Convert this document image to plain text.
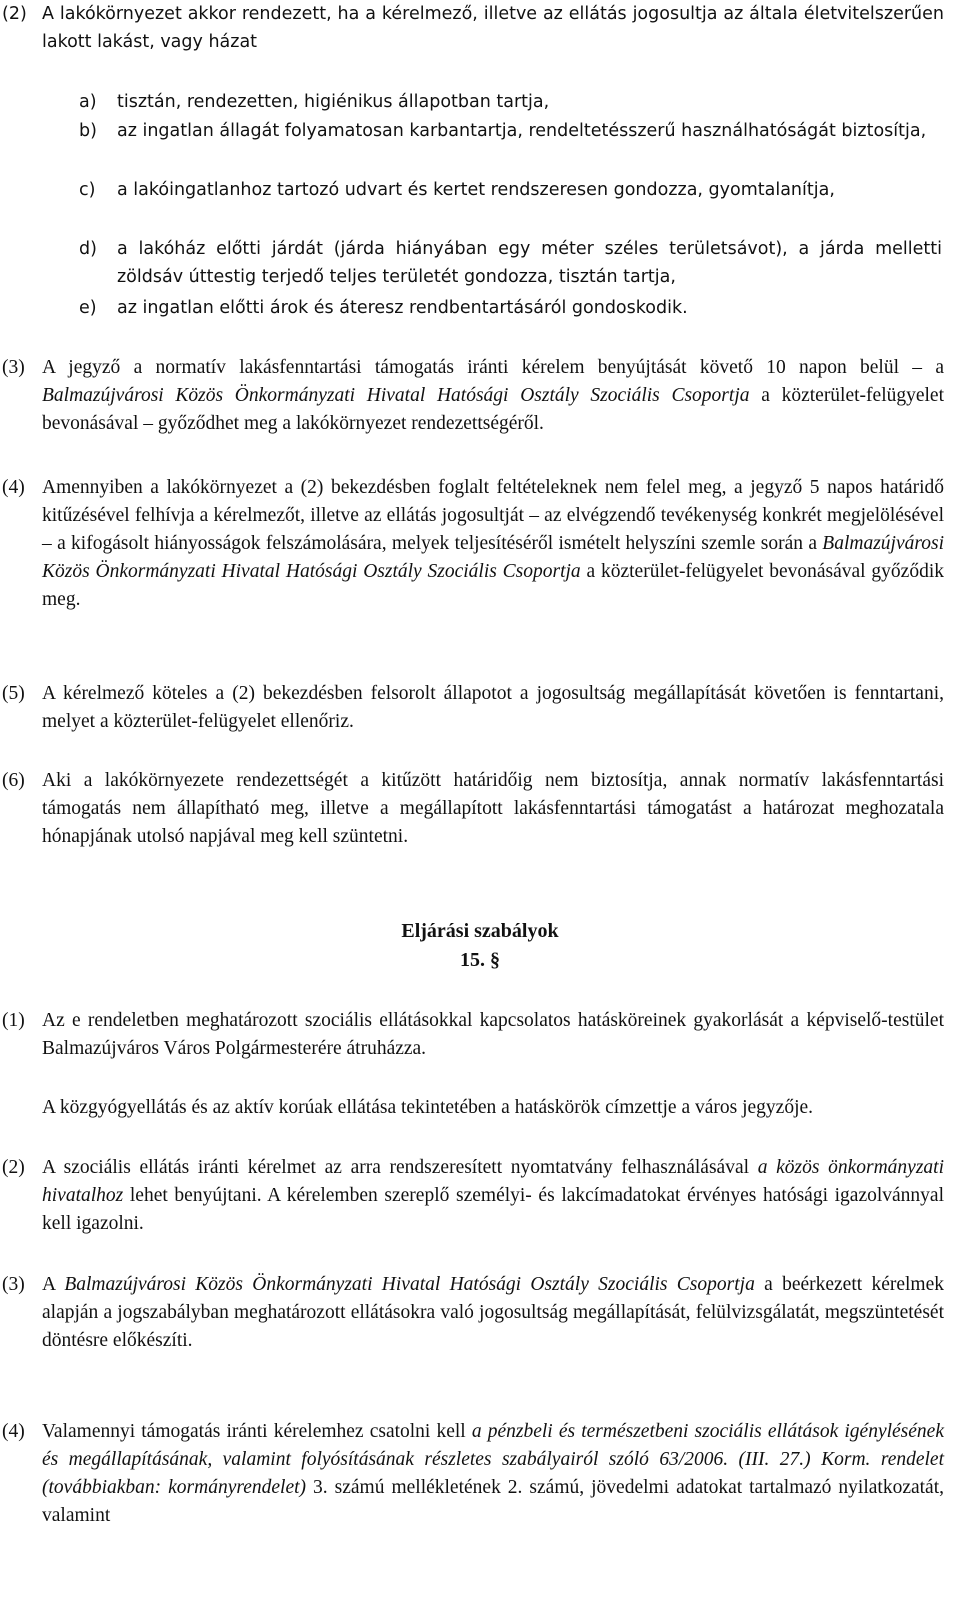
(2) A lakókörnyezet akkor rendezett, ha a kérelmező, illetve az ellátás jogosultja az általa életvitelszerűen lakott lakást, vagy házat
a) tisztán, rendezetten, higiénikus állapotban tartja,
b) az ingatlan állagát folyamatosan karbantartja, rendeltetésszerű használhatóságát biztosítja,
c) a lakóingatlanhoz tartozó udvart és kertet rendszeresen gondozza, gyomtalanítja,
d) a lakóház előtti járdát (járda hiányában egy méter széles területsávot), a járda melletti zöldsáv úttestig terjedő teljes területét gondozza, tisztán tartja,
e) az ingatlan előtti árok és áteresz rendbentartásáról gondoskodik.
(3) A jegyző a normatív lakásfenntartási támogatás iránti kérelem benyújtását követő 10 napon belül – a Balmazújvárosi Közös Önkormányzati Hivatal Hatósági Osztály Szociális Csoportja a közterület-felügyelet bevonásával – győződhet meg a lakókörnyezet rendezettségéről.
(4) Amennyiben a lakókörnyezet a (2) bekezdésben foglalt feltételeknek nem felel meg, a jegyző 5 napos határidő kitűzésével felhívja a kérelmezőt, illetve az ellátás jogosultját – az elvégzendő tevékenység konkrét megjelölésével – a kifogásolt hiányosságok felszámolására, melyek teljesítéséről ismételt helyszíni szemle során a Balmazújvárosi Közös Önkormányzati Hivatal Hatósági Osztály Szociális Csoportja a közterület-felügyelet bevonásával győződik meg.
(5) A kérelmező köteles a (2) bekezdésben felsorolt állapotot a jogosultság megállapítását követően is fenntartani, melyet a közterület-felügyelet ellenőriz.
(6) Aki a lakókörnyezete rendezettségét a kitűzött határidőig nem biztosítja, annak normatív lakásfenntartási támogatás nem állapítható meg, illetve a megállapított lakásfenntartási támogatást a határozat meghozatala hónapjának utolsó napjával meg kell szüntetni.
Eljárási szabályok
15. §
(1) Az e rendeletben meghatározott szociális ellátásokkal kapcsolatos hatásköreinek gyakorlását a képviselő-testület Balmazújváros Város Polgármesterére átruházza.
A közgyógyellátás és az aktív korúak ellátása tekintetében a hatáskörök címzettje a város jegyzője.
(2) A szociális ellátás iránti kérelmet az arra rendszeresített nyomtatvány felhasználásával a közös önkormányzati hivatalhoz lehet benyújtani. A kérelemben szereplő személyi- és lakcímadatokat érvényes hatósági igazolvánnyal kell igazolni.
(3) A Balmazújvárosi Közös Önkormányzati Hivatal Hatósági Osztály Szociális Csoportja a beérkezett kérelmek alapján a jogszabályban meghatározott ellátásokra való jogosultság megállapítását, felülvizsgálatát, megszüntetését döntésre előkészíti.
(4) Valamennyi támogatás iránti kérelemhez csatolni kell a pénzbeli és természetbeni szociális ellátások igénylésének és megállapításának, valamint folyósításának részletes szabályairól szóló 63/2006. (III. 27.) Korm. rendelet (továbbiakban: kormányrendelet) 3. számú mellékletének 2. számú, jövedelmi adatokat tartalmazó nyilatkozatát, valamint
